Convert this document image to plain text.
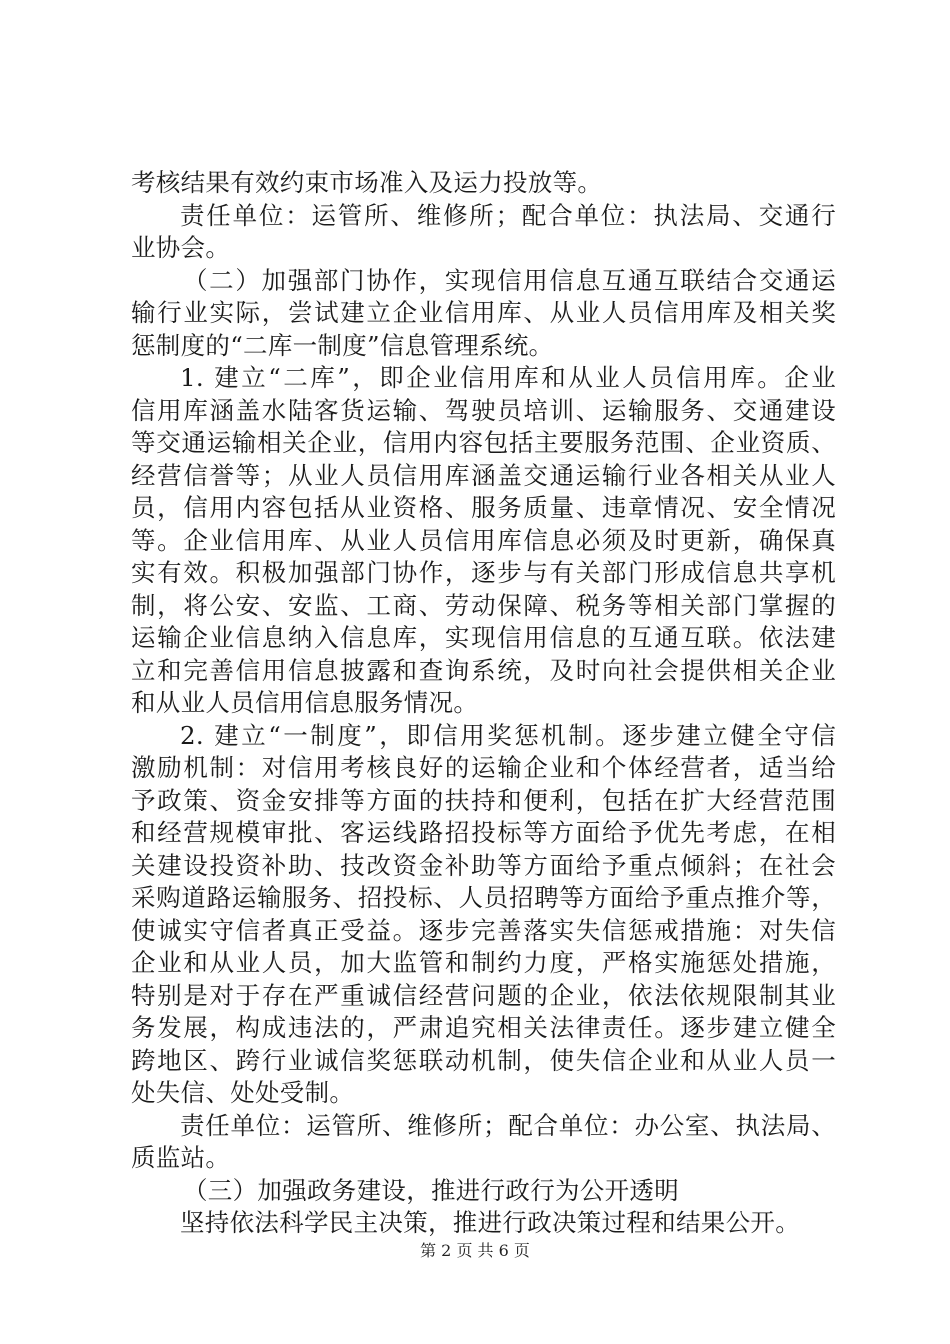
考核结果有效约束市场准入及运力投放等。
责任单位：运管所、维修所；配合单位：执法局、交通行
业协会。
（二）加强部门协作，实现信用信息互通互联结合交通运
输行业实际，尝试建立企业信用库、从业人员信用库及相关奖
惩制度的“二库一制度”信息管理系统。
1. 建立“二库”，即企业信用库和从业人员信用库。企业
信用库涵盖水陆客货运输、驾驶员培训、运输服务、交通建设
等交通运输相关企业，信用内容包括主要服务范围、企业资质、
经营信誉等；从业人员信用库涵盖交通运输行业各相关从业人
员，信用内容包括从业资格、服务质量、违章情况、安全情况
等。企业信用库、从业人员信用库信息必须及时更新，确保真
实有效。积极加强部门协作，逐步与有关部门形成信息共享机
制，将公安、安监、工商、劳动保障、税务等相关部门掌握的
运输企业信息纳入信息库，实现信用信息的互通互联。依法建
立和完善信用信息披露和查询系统，及时向社会提供相关企业
和从业人员信用信息服务情况。
2. 建立“一制度”，即信用奖惩机制。逐步建立健全守信
激励机制：对信用考核良好的运输企业和个体经营者，适当给
予政策、资金安排等方面的扶持和便利，包括在扩大经营范围
和经营规模审批、客运线路招投标等方面给予优先考虑，在相
关建设投资补助、技改资金补助等方面给予重点倾斜；在社会
采购道路运输服务、招投标、人员招聘等方面给予重点推介等，
使诚实守信者真正受益。逐步完善落实失信惩戒措施：对失信
企业和从业人员，加大监管和制约力度，严格实施惩处措施，
特别是对于存在严重诚信经营问题的企业，依法依规限制其业
务发展，构成违法的，严肃追究相关法律责任。逐步建立健全
跨地区、跨行业诚信奖惩联动机制，使失信企业和从业人员一
处失信、处处受制。
责任单位：运管所、维修所；配合单位：办公室、执法局、
质监站。
（三）加强政务建设，推进行政行为公开透明
坚持依法科学民主决策，推进行政决策过程和结果公开。
第 2 页 共 6 页
